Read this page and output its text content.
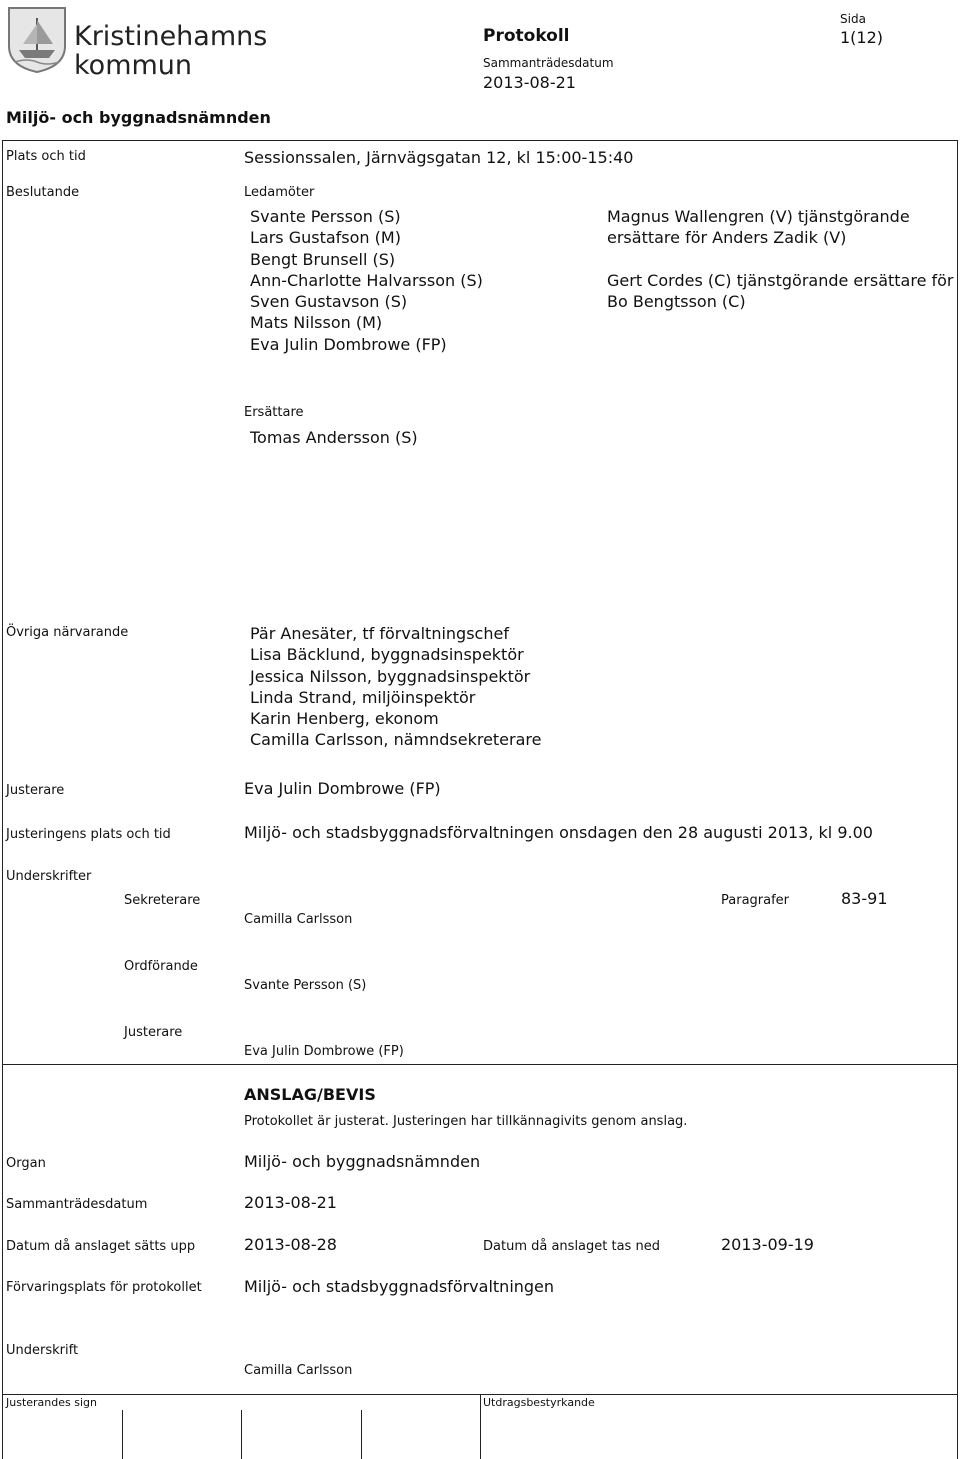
Kristinehamns
kommun
Protokoll
Sammanträdesdatum
2013-08-21
Sida
1(12)
Miljö- och byggnadsnämnden
Plats och tid	Sessionssalen, Järnvägsgatan 12, kl 15:00-15:40
Beslutande	Ledamöter
Svante Persson (S)
Lars Gustafson (M)
Bengt Brunsell (S)
Ann-Charlotte Halvarsson (S)
Sven Gustavson (S)
Mats Nilsson (M)
Eva Julin Dombrowe (FP)
Magnus Wallengren (V) tjänstgörande
ersättare för Anders Zadik (V)
Gert Cordes (C) tjänstgörande ersättare för
Bo Bengtsson (C)
Ersättare
Tomas Andersson (S)
Övriga närvarande	Pär Anesäter, tf förvaltningschef
Lisa Bäcklund, byggnadsinspektör
Jessica Nilsson, byggnadsinspektör
Linda Strand, miljöinspektör
Karin Henberg, ekonom
Camilla Carlsson, nämndsekreterare
Justerare	Eva Julin Dombrowe (FP)
Justeringens plats och tid	Miljö- och stadsbyggnadsförvaltningen onsdagen den 28 augusti 2013, kl 9.00
Underskrifter
Sekreterare
Camilla Carlsson
Paragrafer	83-91
Ordförande
Svante Persson (S)
Justerare
Eva Julin Dombrowe (FP)
ANSLAG/BEVIS
Protokollet är justerat. Justeringen har tillkännagivits genom anslag.
Organ	Miljö- och byggnadsnämnden
Sammanträdesdatum	2013-08-21
Datum då anslaget sätts upp	2013-08-28	Datum då anslaget tas ned	2013-09-19
Förvaringsplats för protokollet	Miljö- och stadsbyggnadsförvaltningen
Underskrift
Camilla Carlsson
Justerandes sign	Utdragsbestyrkande
